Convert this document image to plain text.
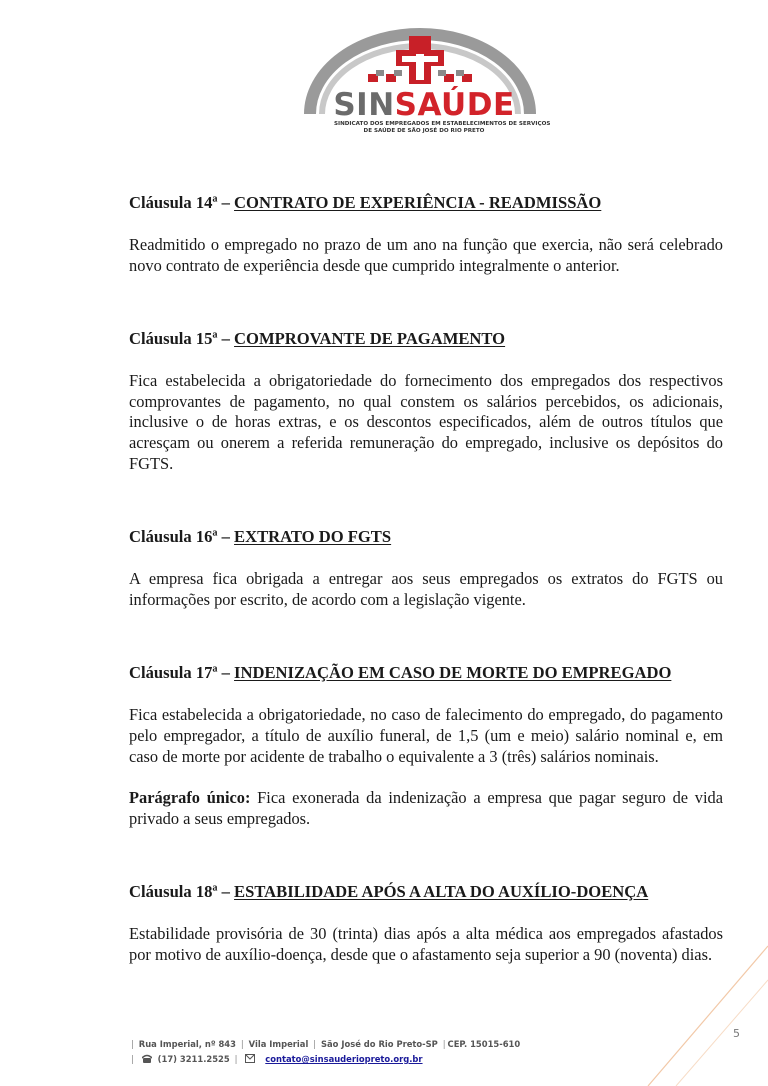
SINSAÚDE
SINDICATO DOS EMPREGADOS EM ESTABELECIMENTOS DE SERVIÇOS
DE SAÚDE DE SÃO JOSÉ DO RIO PRETO
Cláusula 14ª – CONTRATO DE EXPERIÊNCIA - READMISSÃO

Readmitido o empregado no prazo de um ano na função que exercia, não será celebrado novo contrato de experiência desde que cumprido integralmente o anterior.

Cláusula 15ª – COMPROVANTE DE PAGAMENTO

Fica estabelecida a obrigatoriedade do fornecimento dos empregados dos respectivos comprovantes de pagamento, no qual constem os salários percebidos, os adicionais, inclusive o de horas extras, e os descontos especificados, além de outros títulos que acresçam ou onerem a referida remuneração do empregado, inclusive os depósitos do FGTS.

Cláusula 16ª – EXTRATO DO FGTS

A empresa fica obrigada a entregar aos seus empregados os extratos do FGTS ou informações por escrito, de acordo com a legislação vigente.

Cláusula 17ª – INDENIZAÇÃO EM CASO DE MORTE DO EMPREGADO

Fica estabelecida a obrigatoriedade, no caso de falecimento do empregado, do pagamento pelo empregador, a título de auxílio funeral, de 1,5 (um e meio) salário nominal e, em caso de morte por acidente de trabalho o equivalente a 3 (três) salários nominais.

Parágrafo único: Fica exonerada da indenização a empresa que pagar seguro de vida privado a seus empregados.

Cláusula 18ª – ESTABILIDADE APÓS A ALTA DO AUXÍLIO-DOENÇA

Estabilidade provisória de 30 (trinta) dias após a alta médica aos empregados afastados por motivo de auxílio-doença, desde que o afastamento seja superior a 90 (noventa) dias.

| Rua Imperial, nº 843 | Vila Imperial | São José do Rio Preto-SP | CEP. 15015-610
|	(17) 3211.2525 |	contato@sinsauderiopreto.org.br
5
